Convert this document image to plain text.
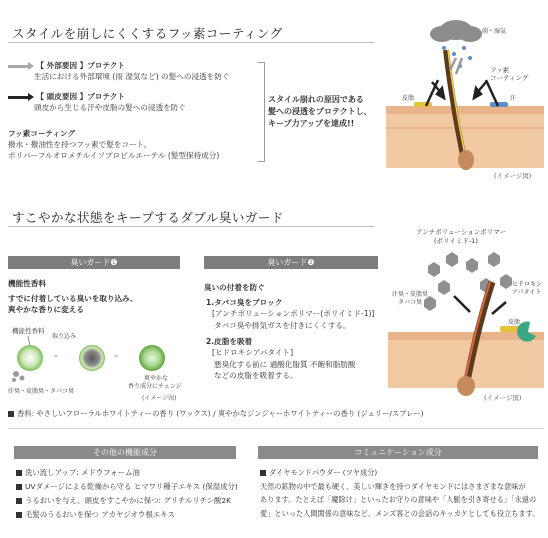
スタイルを崩しにくくするフッ素コーティング
【 外部要因 】プロテクト
生活における外部環境 (雨 湿気など) の髪への浸透を防ぐ
【 頭皮要因 】プロテクト
頭皮から生じる汗や皮脂の髪への浸透を防ぐ
フッ素コーティング
撥水・撥油性を持つフッ素で髪をコート。
ポリパーフルオロメチルイソプロピルエーテル (髪型保持成分)
スタイル崩れの原因である
髪への浸透をプロテクトし、
キープ力アップを達成!!
雨・湿気
フッ素
コーティング
皮脂	汗
(イメージ図)
すこやかな状態をキープするダブル臭いガード
臭いガード❶	臭いガード❷
機能性香料
すでに付着している臭いを取り込み、
爽やかな香りに変える
機能性香料
汗臭・皮脂臭・タバコ臭
取り込み
»	»
爽やかな
香り成分にチェンジ
(イメージ図)
臭いの付着を防ぐ
1.タバコ臭をブロック
[アンチポリューションポリマー(ポリイミド-1)]
タバコ臭や排気ガスを付きにくくする。
2.皮脂を吸着
[ヒドロキシアパタイト]
悪臭化する前に 過酸化脂質 不飽和脂肪酸
などの皮脂を吸着する。
アンチポリューションポリマー
(ポリイミド-1)
汗臭・皮脂臭
タバコ臭
ヒドロキシ
アパタイト
皮脂
(イメージ図)
香料: やさしいフローラルホワイトティーの香り (ワックス) / 爽やかなジンジャーホワイトティーの香り (ジェリー/スプレー)
その他の機能成分	コミュニケーション成分
洗い流しアップ: メドウフォーム油
UVダメージによる乾燥から守る ヒマワリ種子エキス (保湿成分)
うるおいを与え、頭皮をすこやかに保つ: グリチルリチン酸2K
毛髪のうるおいを保つ アカヤジオウ根エキス
ダイヤモンドパウダー (ツヤ成分)
天然の鉱物の中で最も硬く、美しい輝きを持つダイヤモンドにはさまざまな意味が
あります。たとえば「魔除け」といったお守りの意味や「人脈を引き寄せる」「永遠の
愛」といった人間関係の意味など、メンズ客との会話のキッカケとしても役立ちます。
